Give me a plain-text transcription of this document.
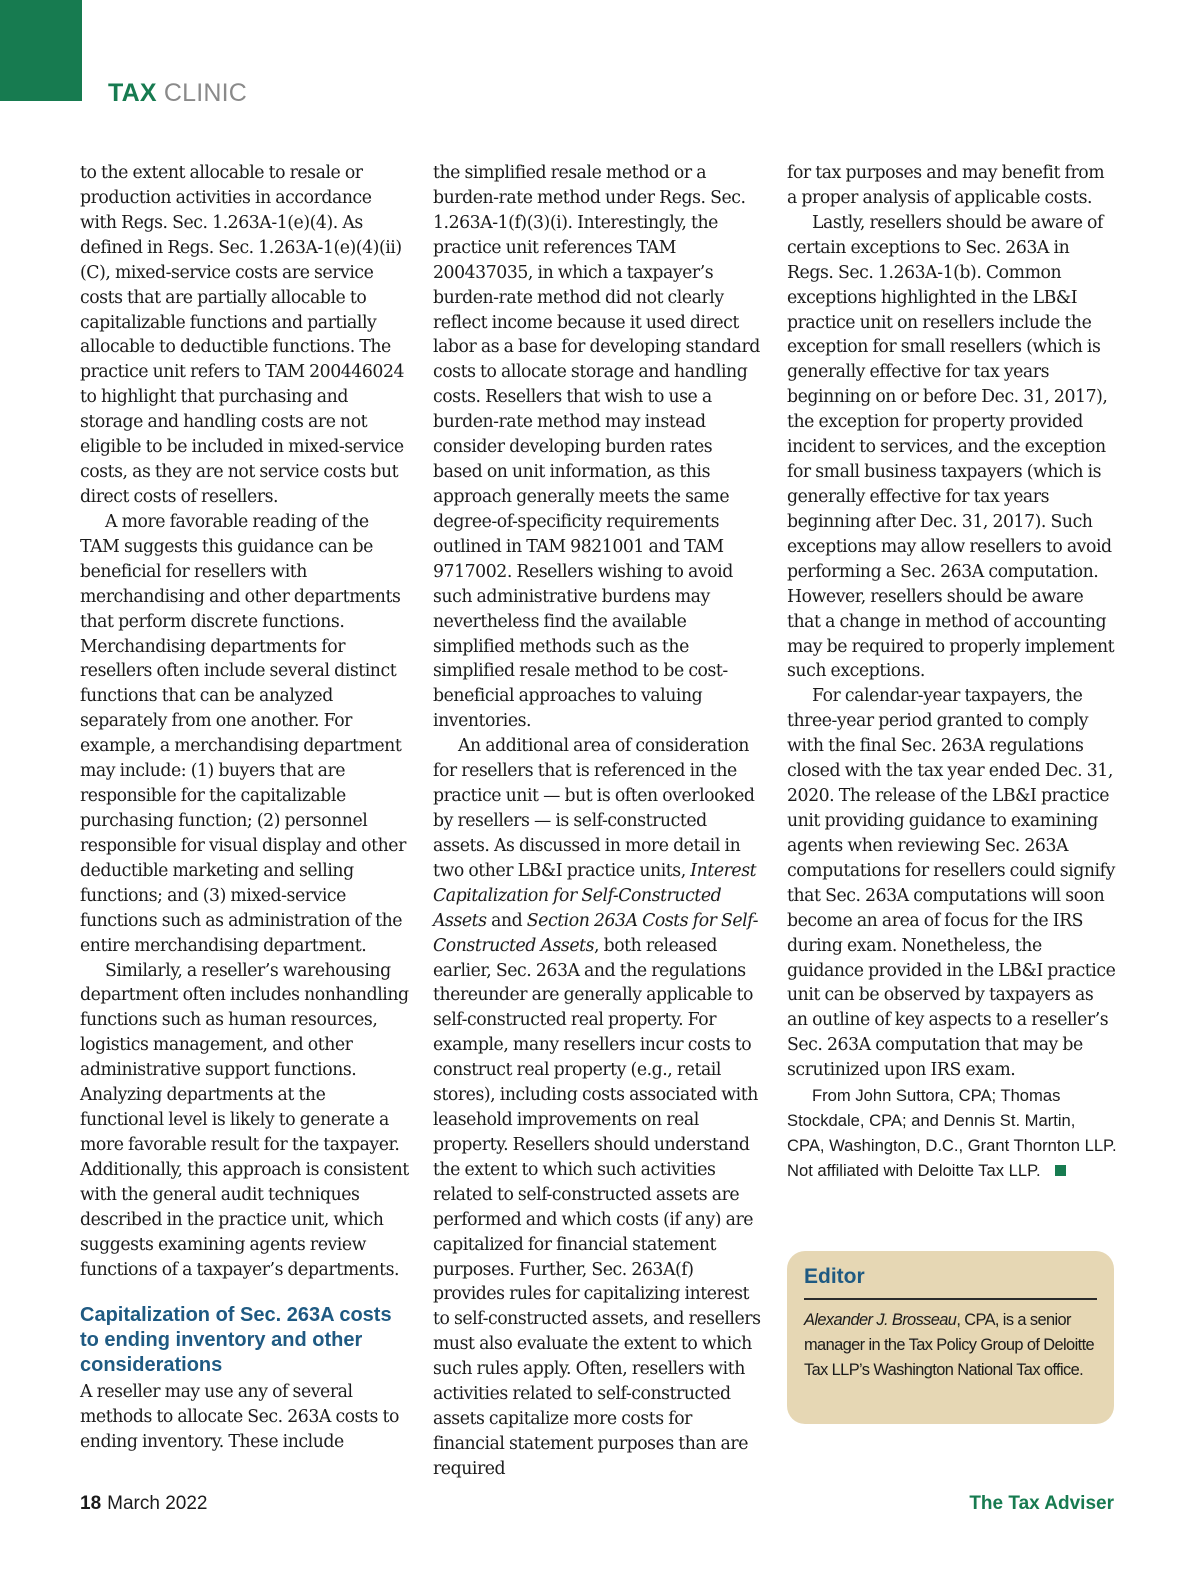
TAX CLINIC

to the extent allocable to resale or production activities in accordance with Regs. Sec. 1.263A-1(e)(4). As defined in Regs. Sec. 1.263A-1(e)(4)(ii)(C), mixed-service costs are service costs that are partially allocable to capitalizable functions and partially allocable to deductible functions. The practice unit refers to TAM 200446024 to highlight that purchasing and storage and handling costs are not eligible to be included in mixed-service costs, as they are not service costs but direct costs of resellers.

A more favorable reading of the TAM suggests this guidance can be beneficial for resellers with merchandising and other departments that perform discrete functions. Merchandising departments for resellers often include several distinct functions that can be analyzed separately from one another. For example, a merchandising department may include: (1) buyers that are responsible for the capitalizable purchasing function; (2) personnel responsible for visual display and other deductible marketing and selling functions; and (3) mixed-service functions such as administration of the entire merchandising department.

Similarly, a reseller’s warehousing department often includes nonhandling functions such as human resources, logistics management, and other administrative support functions. Analyzing departments at the functional level is likely to generate a more favorable result for the taxpayer. Additionally, this approach is consistent with the general audit techniques described in the practice unit, which suggests examining agents review functions of a taxpayer’s departments.

Capitalization of Sec. 263A costs to ending inventory and other considerations

A reseller may use any of several methods to allocate Sec. 263A costs to ending inventory. These include

the simplified resale method or a burden-rate method under Regs. Sec. 1.263A-1(f)(3)(i). Interestingly, the practice unit references TAM 200437035, in which a taxpayer’s burden-rate method did not clearly reflect income because it used direct labor as a base for developing standard costs to allocate storage and handling costs. Resellers that wish to use a burden-rate method may instead consider developing burden rates based on unit information, as this approach generally meets the same degree-of-specificity requirements outlined in TAM 9821001 and TAM 9717002. Resellers wishing to avoid such administrative burdens may nevertheless find the available simplified methods such as the simplified resale method to be cost-beneficial approaches to valuing inventories.

An additional area of consideration for resellers that is referenced in the practice unit — but is often overlooked by resellers — is self-constructed assets. As discussed in more detail in two other LB&I practice units, Interest Capitalization for Self-Constructed Assets and Section 263A Costs for Self-Constructed Assets, both released earlier, Sec. 263A and the regulations thereunder are generally applicable to self-constructed real property. For example, many resellers incur costs to construct real property (e.g., retail stores), including costs associated with leasehold improvements on real property. Resellers should understand the extent to which such activities related to self-constructed assets are performed and which costs (if any) are capitalized for financial statement purposes. Further, Sec. 263A(f) provides rules for capitalizing interest to self-constructed assets, and resellers must also evaluate the extent to which such rules apply. Often, resellers with activities related to self-constructed assets capitalize more costs for financial statement purposes than are required

for tax purposes and may benefit from a proper analysis of applicable costs.

Lastly, resellers should be aware of certain exceptions to Sec. 263A in Regs. Sec. 1.263A-1(b). Common exceptions highlighted in the LB&I practice unit on resellers include the exception for small resellers (which is generally effective for tax years beginning on or before Dec. 31, 2017), the exception for property provided incident to services, and the exception for small business taxpayers (which is generally effective for tax years beginning after Dec. 31, 2017). Such exceptions may allow resellers to avoid performing a Sec. 263A computation. However, resellers should be aware that a change in method of accounting may be required to properly implement such exceptions.

For calendar-year taxpayers, the three-year period granted to comply with the final Sec. 263A regulations closed with the tax year ended Dec. 31, 2020. The release of the LB&I practice unit providing guidance to examining agents when reviewing Sec. 263A computations for resellers could signify that Sec. 263A computations will soon become an area of focus for the IRS during exam. Nonetheless, the guidance provided in the LB&I practice unit can be observed by taxpayers as an outline of key aspects to a reseller’s Sec. 263A computation that may be scrutinized upon IRS exam.

From John Suttora, CPA; Thomas Stockdale, CPA; and Dennis St. Martin, CPA, Washington, D.C., Grant Thornton LLP. Not affiliated with Deloitte Tax LLP.

Editor
Alexander J. Brosseau, CPA, is a senior manager in the Tax Policy Group of Deloitte Tax LLP’s Washington National Tax office.
18 March 2022	The Tax Adviser
